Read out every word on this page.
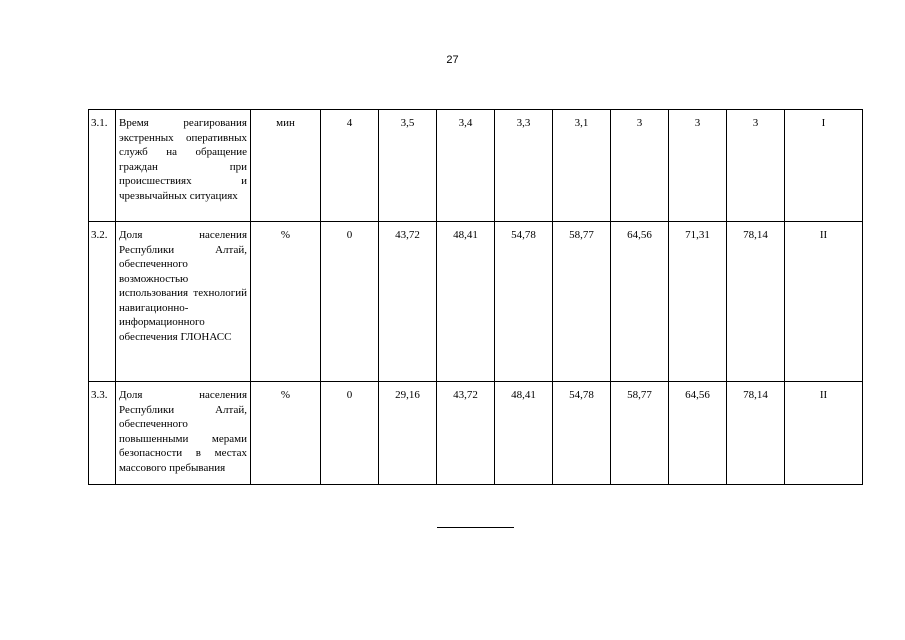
27
3.1.	Время реагирования экстренных оперативных служб на обращение граждан при происшествиях и чрезвычайных ситуациях	мин	4	3,5	3,4	3,3	3,1	3	3	3	I
3.2.	Доля населения Республики Алтай, обеспеченного возможностью использования технологий навигационно-информационного обеспечения ГЛОНАСС	%	0	43,72	48,41	54,78	58,77	64,56	71,31	78,14	II
3.3.	Доля населения Республики Алтай, обеспеченного повышенными мерами безопасности в местах массового пребывания	%	0	29,16	43,72	48,41	54,78	58,77	64,56	78,14	II
